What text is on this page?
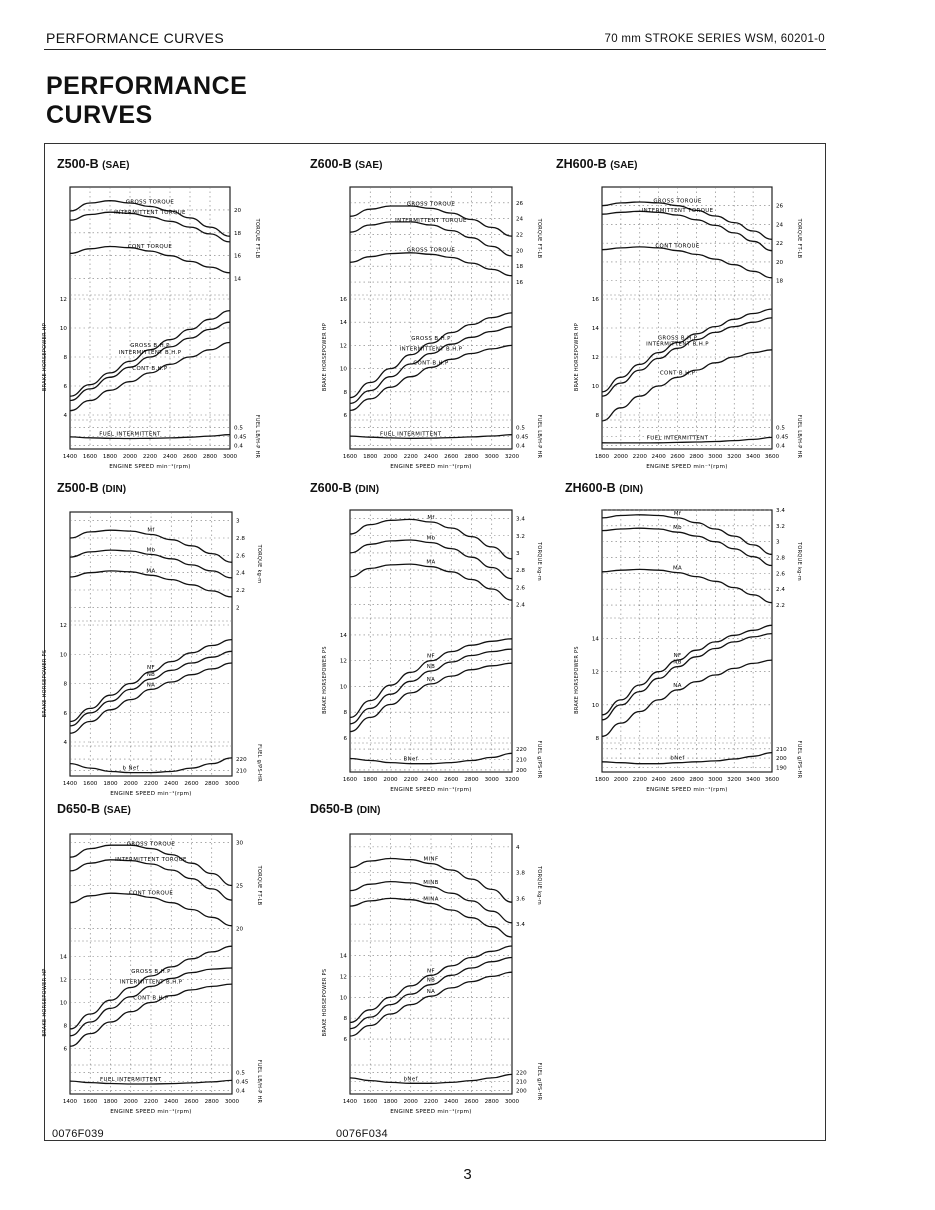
PERFORMANCE CURVES	70 mm STROKE SERIES WSM, 60201-0
PERFORMANCE
CURVES
Z500-B (SAE)	Z600-B (SAE)	ZH600-B (SAE)
Z500-B (DIN)	Z600-B (DIN)	ZH600-B (DIN)
D650-B (SAE)	D650-B (DIN)
1400 1600 1800 2000 2200 2400 2600 2800 3000
ENGINE SPEED min⁻¹(rpm)
14
16
18
20
TORQUE FT-LB
GROSS TORQUE
INTERMITTENT TORQUE
CONT TORQUE
4
6
8
10
12
BRAKE HORSEPOWER HP	GROSS B.H.P
INTERMITTENT B.H.P
CONT B.H.P
0.4
0.45
0.5 FUEL LB/H-P HR
FUEL INTERMITTENT
1600 1800 2000 2200 2400 2600 2800 3000 3200
ENGINE SPEED min⁻¹(rpm)
16
18
20
22
24
26
TORQUE FT-LB
GROSS TORQUE
INTERMITTENT TORQUE
GROSS TORQUE
6
8
10
12
14
16
BRAKE HORSEPOWER HP	GROSS B.H.P
INTERMITTENT B.H.P
CONT B.H.P
0.4
0.45
0.5 FUEL LB/H-P HR
FUEL INTERMITTENT
1800 2000 2200 2400 2600 2800 3000 3200 3400 3600
ENGINE SPEED min⁻¹(rpm)
18
20
22
24
26
TORQUE FT-LB
GROSS TORQUE
INTERMITTENT TORQUE
CONT TORQUE
8
10
12
14
16
BRAKE HORSEPOWER HP	GROSS B.H.P
INTERMITTENT B.H.P
CONT B.H.P
0.4
0.45
0.5 FUEL LB/H-P HR
FUEL INTERMITTENT
1400 1600 1800 2000 2200 2400 2600 2800 3000
ENGINE SPEED min⁻¹(rpm)
2
2.2
2.4
2.6
2.8
3
TORQUE kg-m
Mf
Mb
MA
4
6
8
10
12
BRAKE HORSEPOWER PS	NF
NB
NA
210
220 FUEL g/PS-HR
b Nef
1600 1800 2000 2200 2400 2600 2800 3000 3200
ENGINE SPEED min⁻¹(rpm)
2.4
2.6
2.8
3
3.2
3.4
TORQUE kg-m
Mf
Mb
MA
6
8
10
12
14
BRAKE HORSEPOWER PS	NF
NB
NA
200
210
220 FUEL g/PS-HR
BNef
1800 2000 2200 2400 2600 2800 3000 3200 3400 3600
ENGINE SPEED min⁻¹(rpm)
2.2
2.4
2.6
2.8
3
3.2
3.4
TORQUE kg-m
Mf
Mb
MA
8
10
12
14
BRAKE HORSEPOWER PS	NF
NB
NA
190
200
210 FUEL g/PS-HR
bNef
1400 1600 1800 2000 2200 2400 2600 2800 3000
ENGINE SPEED min⁻¹(rpm)
20
25
30
TORQUE FT-LB
GROSS TORQUE
INTERMITTENT TORQUE
CONT TORQUE
6
8
10
12
14
BRAKE HORSEPOWER HP	GROSS B.H.P
INTERMITTENT B.H.P
CONT B.H.P
0.4
0.45
0.5 FUEL LB/H-P HR
FUEL INTERMITTENT
1400 1600 1800 2000 2200 2400 2600 2800 3000
ENGINE SPEED min⁻¹(rpm)
3.4
3.6
3.8
4
TORQUE kg-m
MINF
MINB
MINA
6
8
10
12
14
BRAKE HORSEPOWER PS	NF
NB
NA
200
210
220 FUEL g/PS-HR
bNef
0076F039	0076F034
3
